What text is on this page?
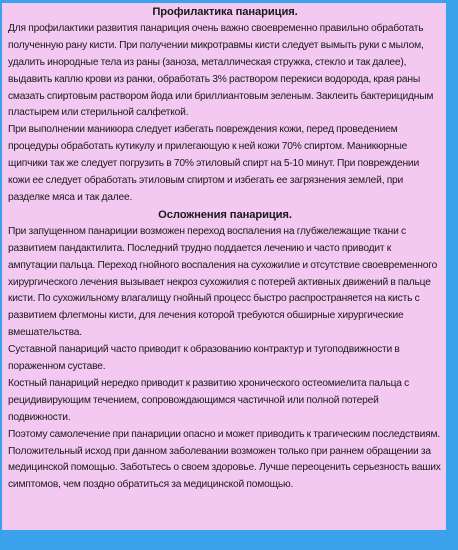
Профилактика панариция.

Для профилактики развития панариция очень важно своевременно правильно обработать полученную рану кисти. При получении микротравмы кисти следует вымыть руки с мылом, удалить инородные тела из раны (заноза, металлическая стружка, стекло и так далее), выдавить каплю крови из ранки, обработать 3% раствором перекиси водорода, края раны смазать спиртовым раствором йода или бриллиантовым зеленым. Заклеить бактерицидным пластырем или стерильной салфеткой.

При выполнении маникюра следует избегать повреждения кожи, перед проведением процедуры обработать кутикулу и прилегающую к ней кожи 70% спиртом. Маникюрные щипчики так же следует погрузить в 70% этиловый спирт на 5-10 минут. При повреждении кожи ее следует обработать этиловым спиртом и избегать ее загрязнения землей, при разделке мяса и так далее.

Осложнения панариция.

При запущенном панариции возможен переход воспаления на глубжележащие ткани с развитием пандактилита. Последний трудно поддается лечению и часто приводит к ампутации пальца. Переход гнойного воспаления на сухожилие и отсутствие своевременного хирургического лечения вызывает некроз сухожилия с потерей активных движений в пальце кисти. По сухожильному влагалищу гнойный процесс быстро распространяется на кисть с развитием флегмоны кисти, для лечения которой требуются обширные хирургические вмешательства.

Суставной панариций часто приводит к образованию контрактур и тугоподвижности в пораженном суставе.

Костный панариций нередко приводит к развитию хронического остеомиелита пальца с рецидивирующим течением, сопровождающимся частичной или полной потерей подвижности.

Поэтому самолечение при панариции опасно и может приводить к трагическим последствиям.

Положительный исход при данном заболевании возможен только при раннем обращении за медицинской помощью. Заботьтесь о своем здоровье. Лучше переоценить серьезность ваших симптомов, чем поздно обратиться за медицинской помощью.
